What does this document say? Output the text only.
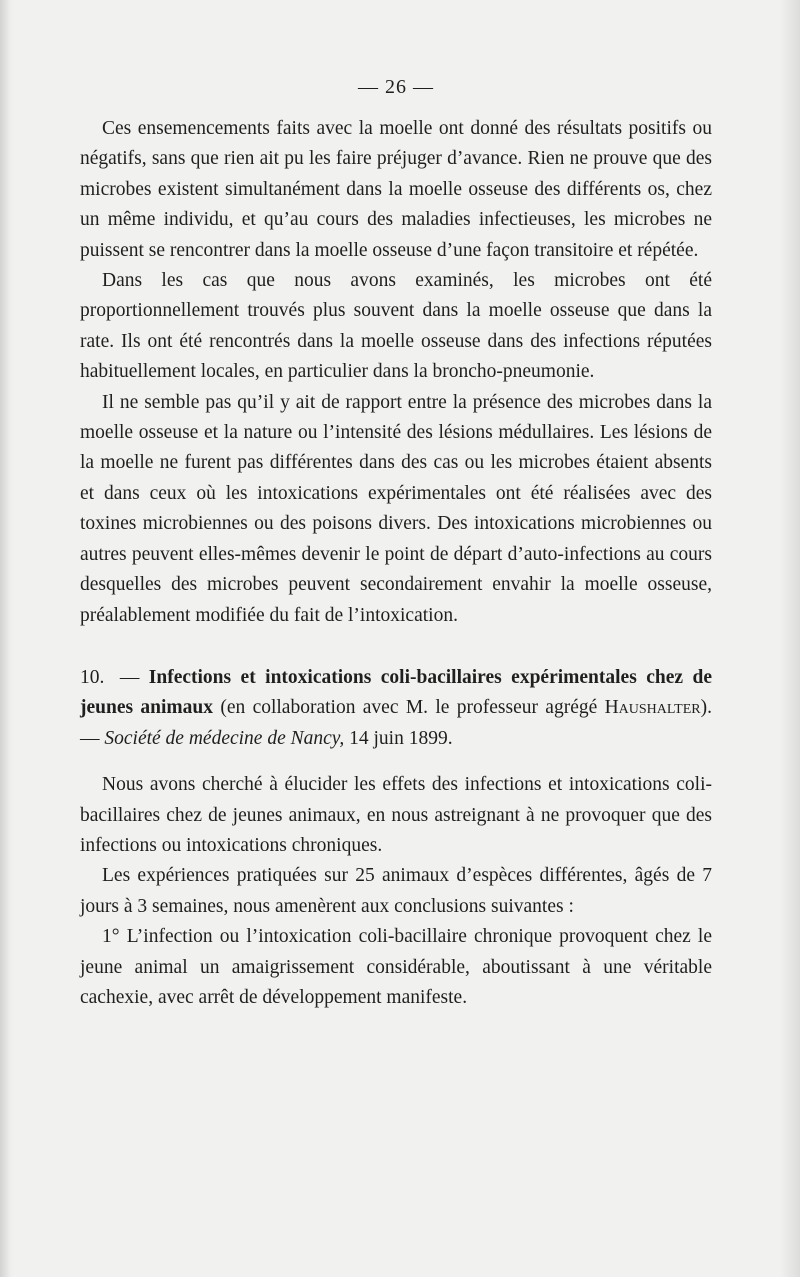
— 26 —

Ces ensemencements faits avec la moelle ont donné des résultats positifs ou négatifs, sans que rien ait pu les faire préjuger d’avance. Rien ne prouve que des microbes existent simultanément dans la moelle osseuse des différents os, chez un même individu, et qu’au cours des maladies infectieuses, les microbes ne puissent se rencontrer dans la moelle osseuse d’une façon transitoire et répétée.

Dans les cas que nous avons examinés, les microbes ont été proportionnellement trouvés plus souvent dans la moelle osseuse que dans la rate. Ils ont été rencontrés dans la moelle osseuse dans des infections réputées habituellement locales, en particulier dans la broncho-pneumonie.

Il ne semble pas qu’il y ait de rapport entre la présence des microbes dans la moelle osseuse et la nature ou l’intensité des lésions médullaires. Les lésions de la moelle ne furent pas différentes dans des cas ou les microbes étaient absents et dans ceux où les intoxications expérimentales ont été réalisées avec des toxines microbiennes ou des poisons divers. Des intoxications microbiennes ou autres peuvent elles-mêmes devenir le point de départ d’auto-infections au cours desquelles des microbes peuvent secondairement envahir la moelle osseuse, préalablement modifiée du fait de l’intoxication.

10. — Infections et intoxications coli-bacillaires expérimentales chez de jeunes animaux (en collaboration avec M. le professeur agrégé Haushalter). — Société de médecine de Nancy, 14 juin 1899.

Nous avons cherché à élucider les effets des infections et intoxications coli-bacillaires chez de jeunes animaux, en nous astreignant à ne provoquer que des infections ou intoxications chroniques.

Les expériences pratiquées sur 25 animaux d’espèces différentes, âgés de 7 jours à 3 semaines, nous amenèrent aux conclusions suivantes :

1° L’infection ou l’intoxication coli-bacillaire chronique provoquent chez le jeune animal un amaigrissement considérable, aboutissant à une véritable cachexie, avec arrêt de développement manifeste.
